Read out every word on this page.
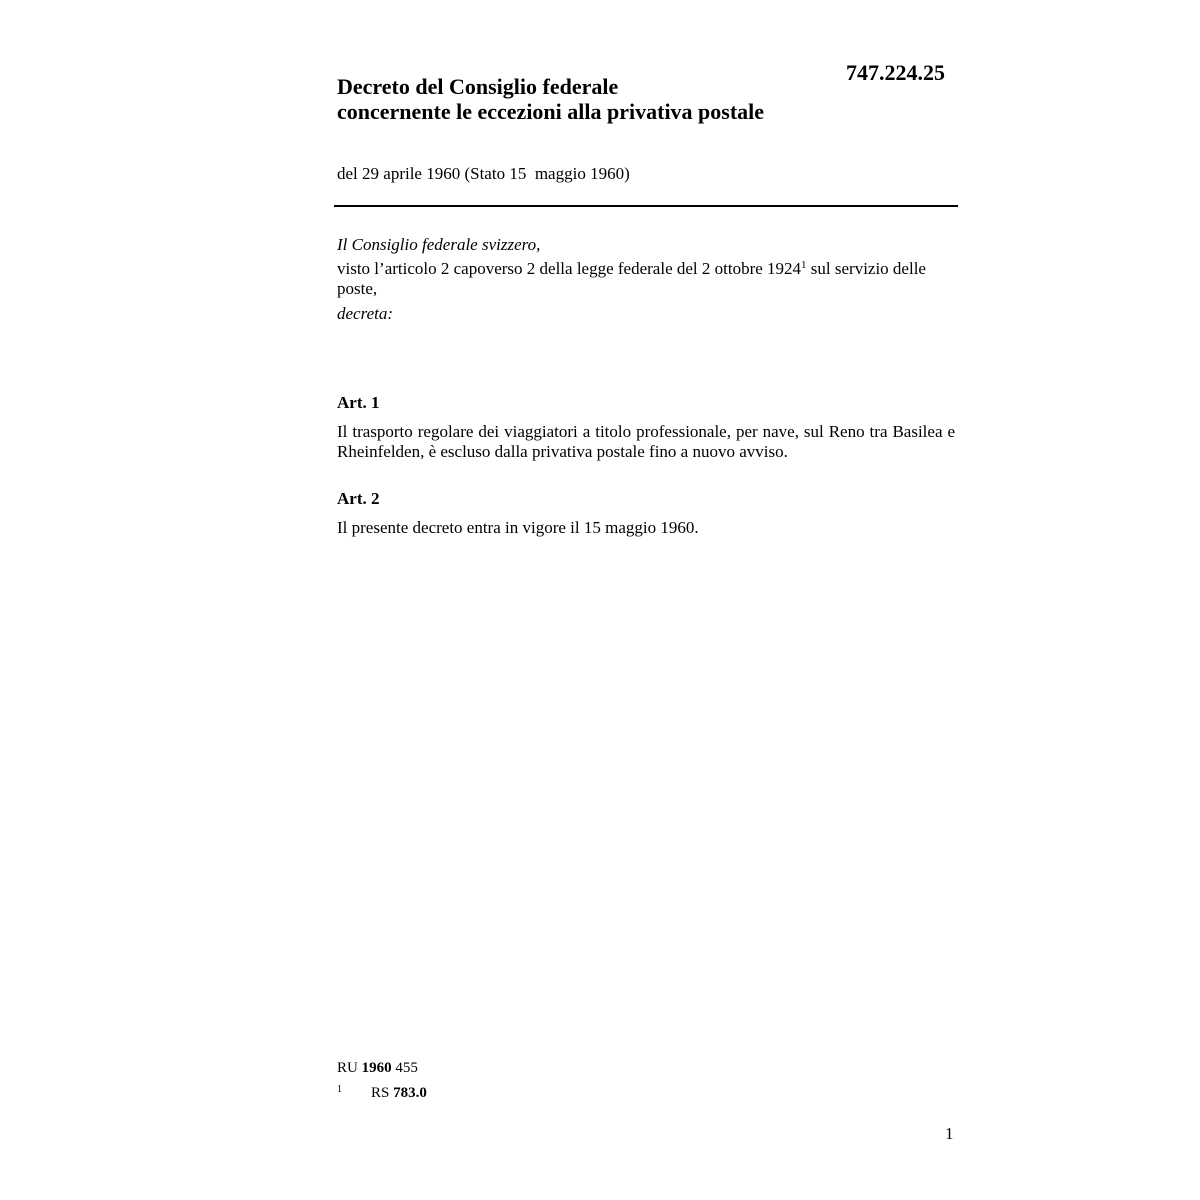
747.224.25
Decreto del Consiglio federale
concernente le eccezioni alla privativa postale
del 29 aprile 1960 (Stato 15  maggio 1960)
Il Consiglio federale svizzero,
visto l’articolo 2 capoverso 2 della legge federale del 2 ottobre 1924$^1$ sul servizio delle poste,
decreta:
Art. 1
Il trasporto regolare dei viaggiatori a titolo professionale, per nave, sul Reno tra Basilea e Rheinfelden, è escluso dalla privativa postale fino a nuovo avviso.
Art. 2
Il presente decreto entra in vigore il 15 maggio 1960.
RU 1960 455
1 RS 783.0
1
